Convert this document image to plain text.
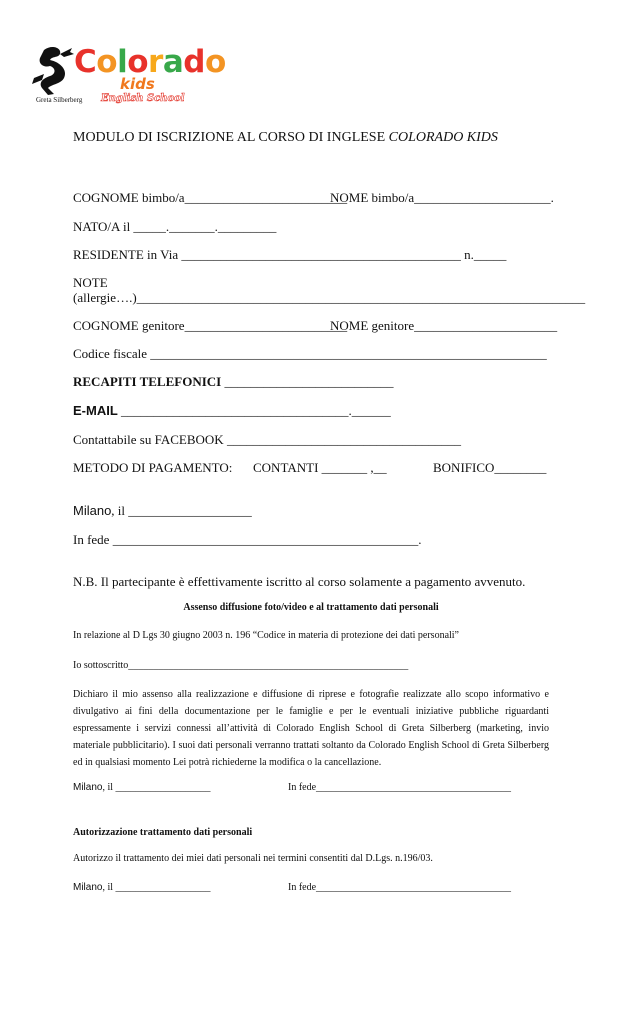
Colorado
kids
English School
Greta Silberberg
MODULO DI ISCRIZIONE AL CORSO DI INGLESE COLORADO KIDS
COGNOME bimbo/a_________________________
NOME bimbo/a_____________________.
NATO/A il _____._______._________
RESIDENTE in Via ___________________________________________ n._____
NOTE
(allergie….)_____________________________________________________________________
COGNOME genitore_________________________
NOME genitore______________________
Codice fiscale _____________________________________________________________
RECAPITI TELEFONICI __________________________
E-MAIL ___________________________________.______
Contattabile su FACEBOOK ____________________________________
METODO DI PAGAMENTO: CONTANTI _______ ,__	BONIFICO________
Milano, il ___________________
In fede _______________________________________________.
N.B. Il partecipante è effettivamente iscritto al corso solamente a pagamento avvenuto.
Assenso diffusione foto/video e al trattamento dati personali
In relazione al D Lgs 30 giugno 2003 n. 196 “Codice in materia di protezione dei dati personali”
Io sottoscritto________________________________________________________
Dichiaro il mio assenso alla realizzazione e diffusione di riprese e fotografie realizzate allo scopo informativo e divulgativo ai fini della documentazione per le famiglie e per le eventuali iniziative pubbliche riguardanti espressamente i servizi connessi all’attività di Colorado English School di Greta Silberberg (marketing, invio materiale pubblicitario). I suoi dati personali verranno trattati soltanto da Colorado English School di Greta Silberberg ed in qualsiasi momento Lei potrà richiederne la modifica o la cancellazione.
Milano, il ___________________	In fede_______________________________________
Autorizzazione trattamento dati personali
Autorizzo il trattamento dei miei dati personali nei termini consentiti dal D.Lgs. n.196/03.
Milano, il ___________________	In fede_______________________________________
